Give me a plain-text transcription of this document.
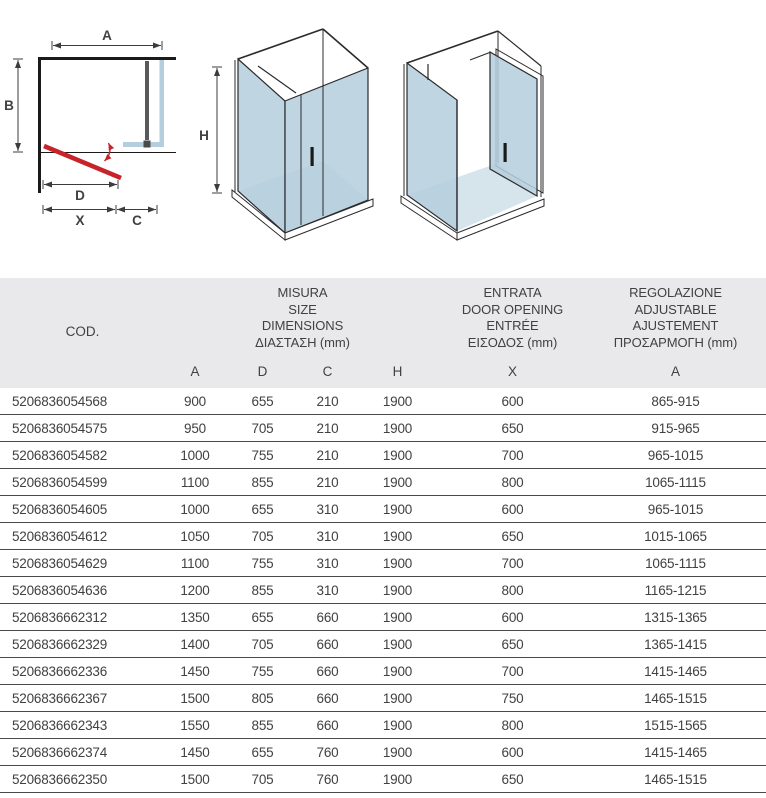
A
B
D
X	C
H
COD.
MISURA
SIZE
DIMENSIONS
ΔΙΑΣΤΑΣΗ (mm)
ENTRATA
DOOR OPENING
ENTRÉE
ΕΙΣΟΔΟΣ (mm)
REGOLAZIONE
ADJUSTABLE
AJUSTEMENT
ΠΡΟΣΑΡΜΟΓΗ (mm)
A	D	C	H	X	A
5206836054568	900	655	210	1900	600	865-915
5206836054575	950	705	210	1900	650	915-965
5206836054582	1000	755	210	1900	700	965-1015
5206836054599	1100	855	210	1900	800	1065-1115
5206836054605	1000	655	310	1900	600	965-1015
5206836054612	1050	705	310	1900	650	1015-1065
5206836054629	1100	755	310	1900	700	1065-1115
5206836054636	1200	855	310	1900	800	1165-1215
5206836662312	1350	655	660	1900	600	1315-1365
5206836662329	1400	705	660	1900	650	1365-1415
5206836662336	1450	755	660	1900	700	1415-1465
5206836662367	1500	805	660	1900	750	1465-1515
5206836662343	1550	855	660	1900	800	1515-1565
5206836662374	1450	655	760	1900	600	1415-1465
5206836662350	1500	705	760	1900	650	1465-1515
